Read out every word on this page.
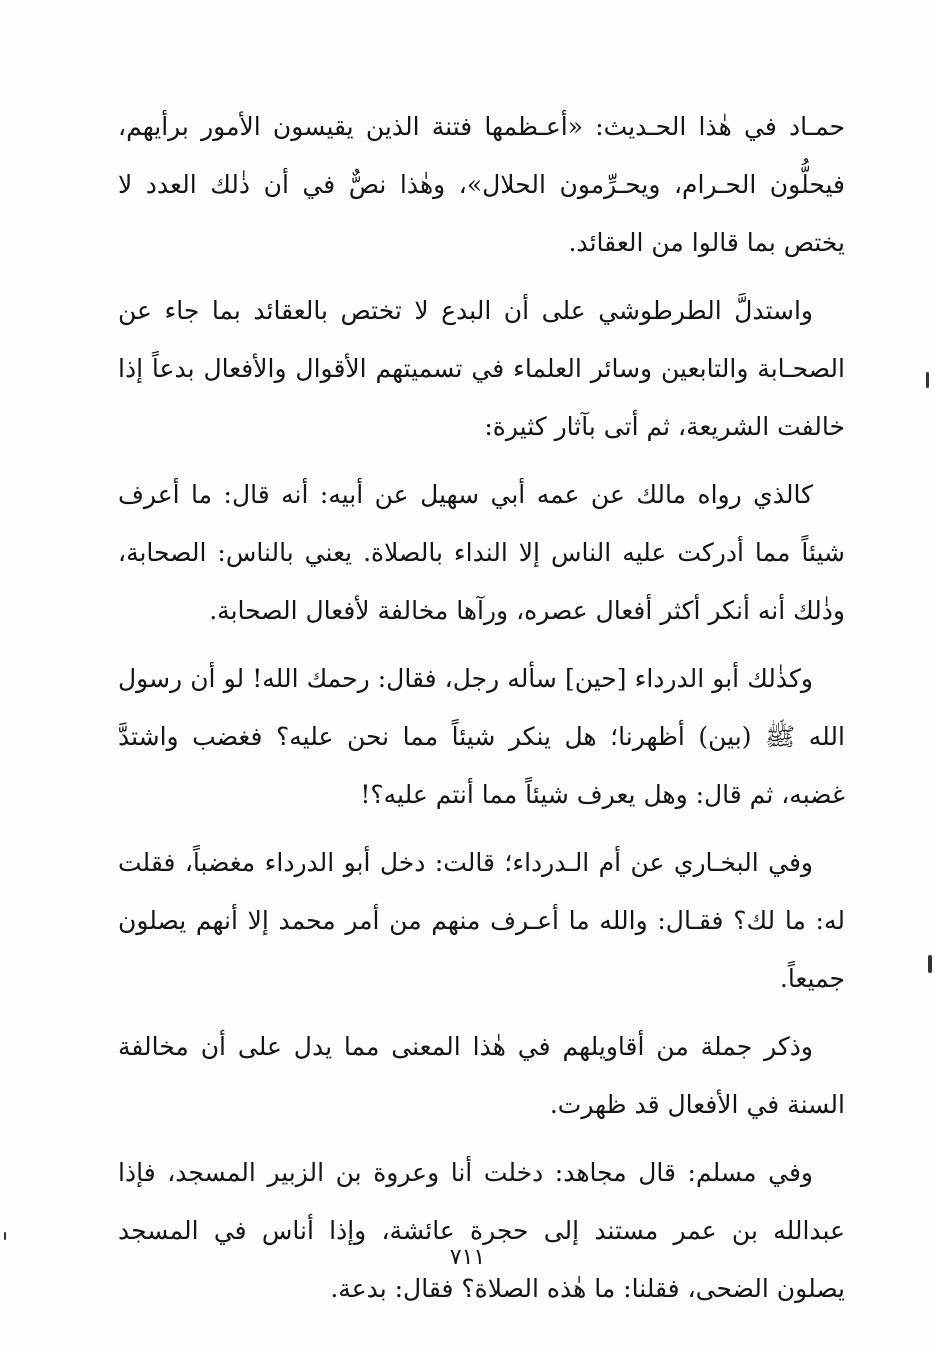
حمـاد في هٰذا الحـديث: «أعـظمها فتنة الذين يقيسون الأمور برأيهم، فيحلُّون الحـرام، ويحـرِّمون الحلال»، وهٰذا نصٌّ في أن ذٰلك العدد لا يختص بما قالوا من العقائد.

واستدلَّ الطرطوشي على أن البدع لا تختص بالعقائد بما جاء عن الصحـابة والتابعين وسائر العلماء في تسميتهم الأقوال والأفعال بدعاً إذا خالفت الشريعة، ثم أتى بآثار كثيرة:

كالذي رواه مالك عن عمه أبي سهيل عن أبيه: أنه قال: ما أعرف شيئاً مما أدركت عليه الناس إلا النداء بالصلاة. يعني بالناس: الصحابة، وذٰلك أنه أنكر أكثر أفعال عصره، ورآها مخالفة لأفعال الصحابة.

وكذٰلك أبو الدرداء [حين] سأله رجل، فقال: رحمك الله! لو أن رسول الله ﷺ (بين) أظهرنا؛ هل ينكر شيئاً مما نحن عليه؟ فغضب واشتدَّ غضبه، ثم قال: وهل يعرف شيئاً مما أنتم عليه؟!

وفي البخـاري عن أم الـدرداء؛ قالت: دخل أبو الدرداء مغضباً، فقلت له: ما لك؟ فقـال: والله ما أعـرف منهم من أمر محمد إلا أنهم يصلون جميعاً.

وذكر جملة من أقاويلهم في هٰذا المعنى مما يدل على أن مخالفة السنة في الأفعال قد ظهرت.

وفي مسلم: قال مجاهد: دخلت أنا وعروة بن الزبير المسجد، فإذا عبدالله بن عمر مستند إلى حجرة عائشة، وإذا أناس في المسجد يصلون الضحى، فقلنا: ما هٰذه الصلاة؟ فقال: بدعة.

٧١١
